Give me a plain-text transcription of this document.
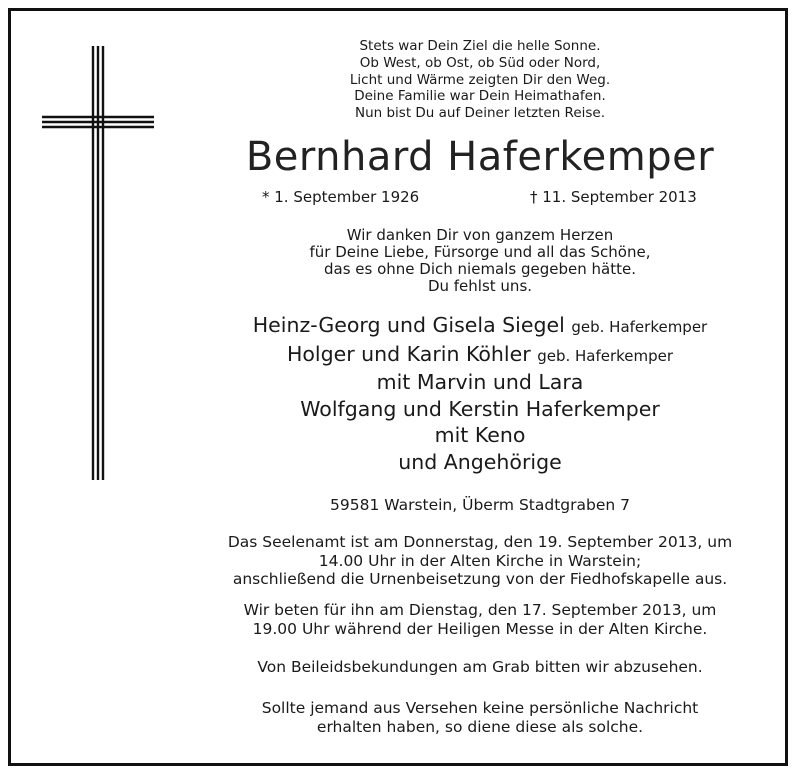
Stets war Dein Ziel die helle Sonne.
Ob West, ob Ost, ob Süd oder Nord,
Licht und Wärme zeigten Dir den Weg.
Deine Familie war Dein Heimathafen.
Nun bist Du auf Deiner letzten Reise.
Bernhard Haferkemper
* 1. September 1926	† 11. September 2013
Wir danken Dir von ganzem Herzen
für Deine Liebe, Fürsorge und all das Schöne,
das es ohne Dich niemals gegeben hätte.
Du fehlst uns.
Heinz-Georg und Gisela Siegel geb. Haferkemper
Holger und Karin Köhler geb. Haferkemper
mit Marvin und Lara
Wolfgang und Kerstin Haferkemper
mit Keno
und Angehörige
59581 Warstein, Überm Stadtgraben 7
Das Seelenamt ist am Donnerstag, den 19. September 2013, um
14.00 Uhr in der Alten Kirche in Warstein;
anschließend die Urnenbeisetzung von der Fiedhofskapelle aus.
Wir beten für ihn am Dienstag, den 17. September 2013, um
19.00 Uhr während der Heiligen Messe in der Alten Kirche.
Von Beileidsbekundungen am Grab bitten wir abzusehen.
Sollte jemand aus Versehen keine persönliche Nachricht
erhalten haben, so diene diese als solche.
